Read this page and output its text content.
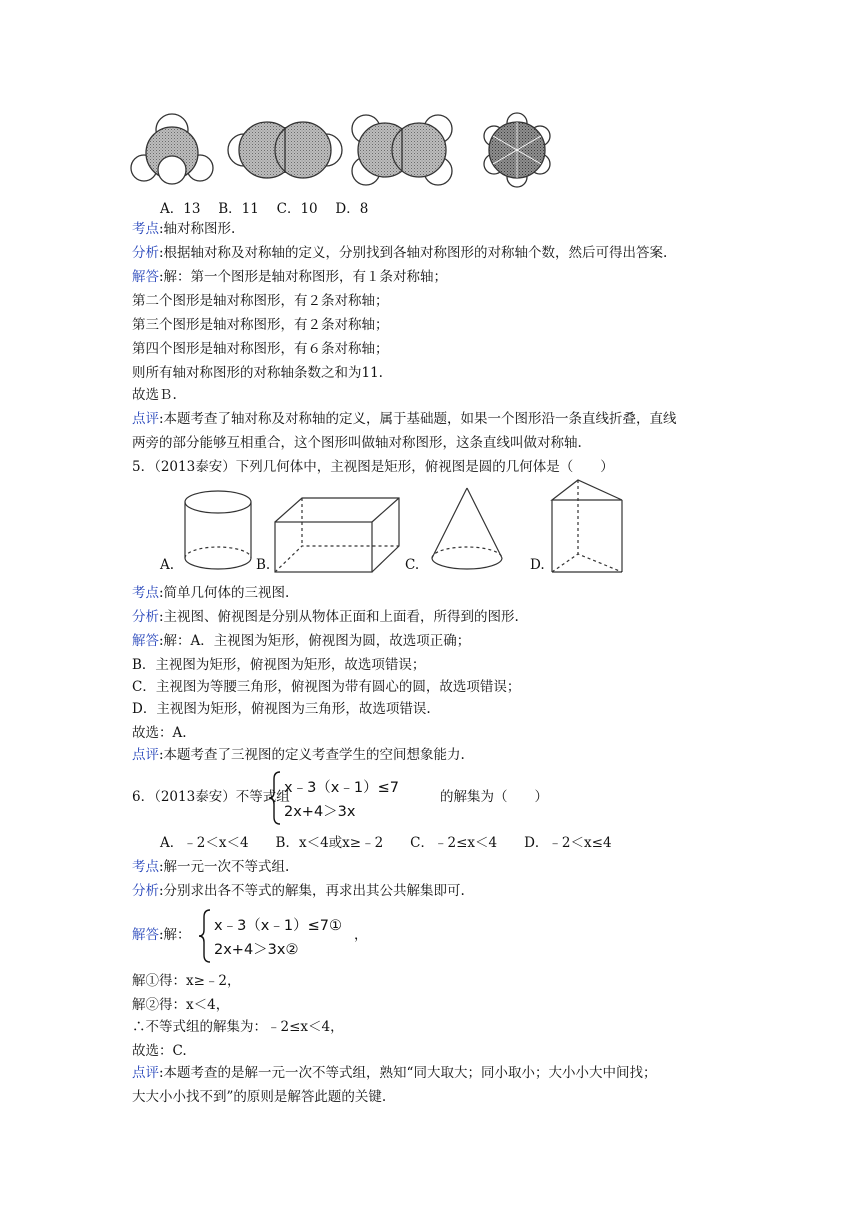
A．13　 B．11　 C．10　 D．8
考点:轴对称图形.
分析:根据轴对称及对称轴的定义，分别找到各轴对称图形的对称轴个数，然后可得出答案.
解答:解：第一个图形是轴对称图形，有１条对称轴；
第二个图形是轴对称图形，有２条对称轴；
第三个图形是轴对称图形，有２条对称轴；
第四个图形是轴对称图形，有６条对称轴；
则所有轴对称图形的对称轴条数之和为11.
故选Ｂ.
点评:本题考查了轴对称及对称轴的定义，属于基础题，如果一个图形沿一条直线折叠，直线
两旁的部分能够互相重合，这个图形叫做轴对称图形，这条直线叫做对称轴.
5．（2013泰安）下列几何体中，主视图是矩形，俯视图是圆的几何体是（　　）
A.	B.	C.	D.
考点:简单几何体的三视图.
分析:主视图、俯视图是分别从物体正面和上面看，所得到的图形.
解答:解：A．主视图为矩形，俯视图为圆，故选项正确；
B．主视图为矩形，俯视图为矩形，故选项错误；
C．主视图为等腰三角形，俯视图为带有圆心的圆，故选项错误；
D．主视图为矩形，俯视图为三角形，故选项错误.
故选：A.
点评:本题考查了三视图的定义考查学生的空间想象能力.
6．（2013泰安）不等式组
x﹣3（x﹣1）≤7
2x+4＞3x
的解集为（　　）
A．﹣2＜x＜4　　B．x＜4或x≥﹣2　　C．﹣2≤x＜4　　D．﹣2＜x≤4
考点:解一元一次不等式组.
分析:分别求出各不等式的解集，再求出其公共解集即可.
解答:解：
x﹣3（x﹣1）≤7①
2x+4＞3x②
，
解①得：x≥﹣2，
解②得：x＜4，
∴不等式组的解集为：﹣2≤x＜4，
故选：C.
点评:本题考查的是解一元一次不等式组，熟知“同大取大；同小取小；大小小大中间找；
大大小小找不到”的原则是解答此题的关键.
